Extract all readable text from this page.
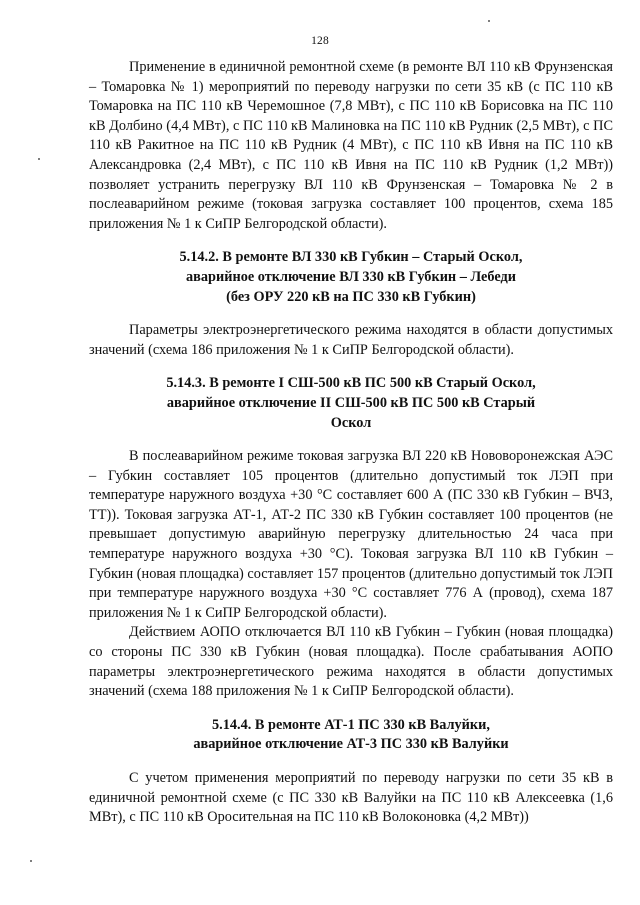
128

Применение в единичной ремонтной схеме (в ремонте ВЛ 110 кВ Фрунзенская – Томаровка № 1) мероприятий по переводу нагрузки по сети 35 кВ (с ПС 110 кВ Томаровка на ПС 110 кВ Черемошное (7,8 МВт), с ПС 110 кВ Борисовка на ПС 110 кВ Долбино (4,4 МВт), с ПС 110 кВ Малиновка на ПС 110 кВ Рудник (2,5 МВт), с ПС 110 кВ Ракитное на ПС 110 кВ Рудник (4 МВт), с ПС 110 кВ Ивня на ПС 110 кВ Александровка (2,4 МВт), с ПС 110 кВ Ивня на ПС 110 кВ Рудник (1,2 МВт)) позволяет устранить перегрузку ВЛ 110 кВ Фрунзенская – Томаровка № 2 в послеаварийном режиме (токовая загрузка составляет 100 процентов, схема 185 приложения № 1 к СиПР Белгородской области).

5.14.2. В ремонте ВЛ 330 кВ Губкин – Старый Оскол,
аварийное отключение ВЛ 330 кВ Губкин – Лебеди
(без ОРУ 220 кВ на ПС 330 кВ Губкин)

Параметры электроэнергетического режима находятся в области допустимых значений (схема 186 приложения № 1 к СиПР Белгородской области).

5.14.3. В ремонте I СШ-500 кВ ПС 500 кВ Старый Оскол,
аварийное отключение II СШ-500 кВ ПС 500 кВ Старый
Оскол

В послеаварийном режиме токовая загрузка ВЛ 220 кВ Нововоронежская АЭС – Губкин составляет 105 процентов (длительно допустимый ток ЛЭП при температуре наружного воздуха +30 °С составляет 600 А (ПС 330 кВ Губкин – ВЧЗ, ТТ)). Токовая загрузка АТ-1, АТ-2 ПС 330 кВ Губкин составляет 100 процентов (не превышает допустимую аварийную перегрузку длительностью 24 часа при температуре наружного воздуха +30 °С). Токовая загрузка ВЛ 110 кВ Губкин – Губкин (новая площадка) составляет 157 процентов (длительно допустимый ток ЛЭП при температуре наружного воздуха +30 °С составляет 776 А (провод), схема 187 приложения № 1 к СиПР Белгородской области).

Действием АОПО отключается ВЛ 110 кВ Губкин – Губкин (новая площадка) со стороны ПС 330 кВ Губкин (новая площадка). После срабатывания АОПО параметры электроэнергетического режима находятся в области допустимых значений (схема 188 приложения № 1 к СиПР Белгородской области).

5.14.4. В ремонте АТ-1 ПС 330 кВ Валуйки,
аварийное отключение АТ-3 ПС 330 кВ Валуйки

С учетом применения мероприятий по переводу нагрузки по сети 35 кВ в единичной ремонтной схеме (с ПС 330 кВ Валуйки на ПС 110 кВ Алексеевка (1,6 МВт), с ПС 110 кВ Оросительная на ПС 110 кВ Волоконовка (4,2 МВт))
